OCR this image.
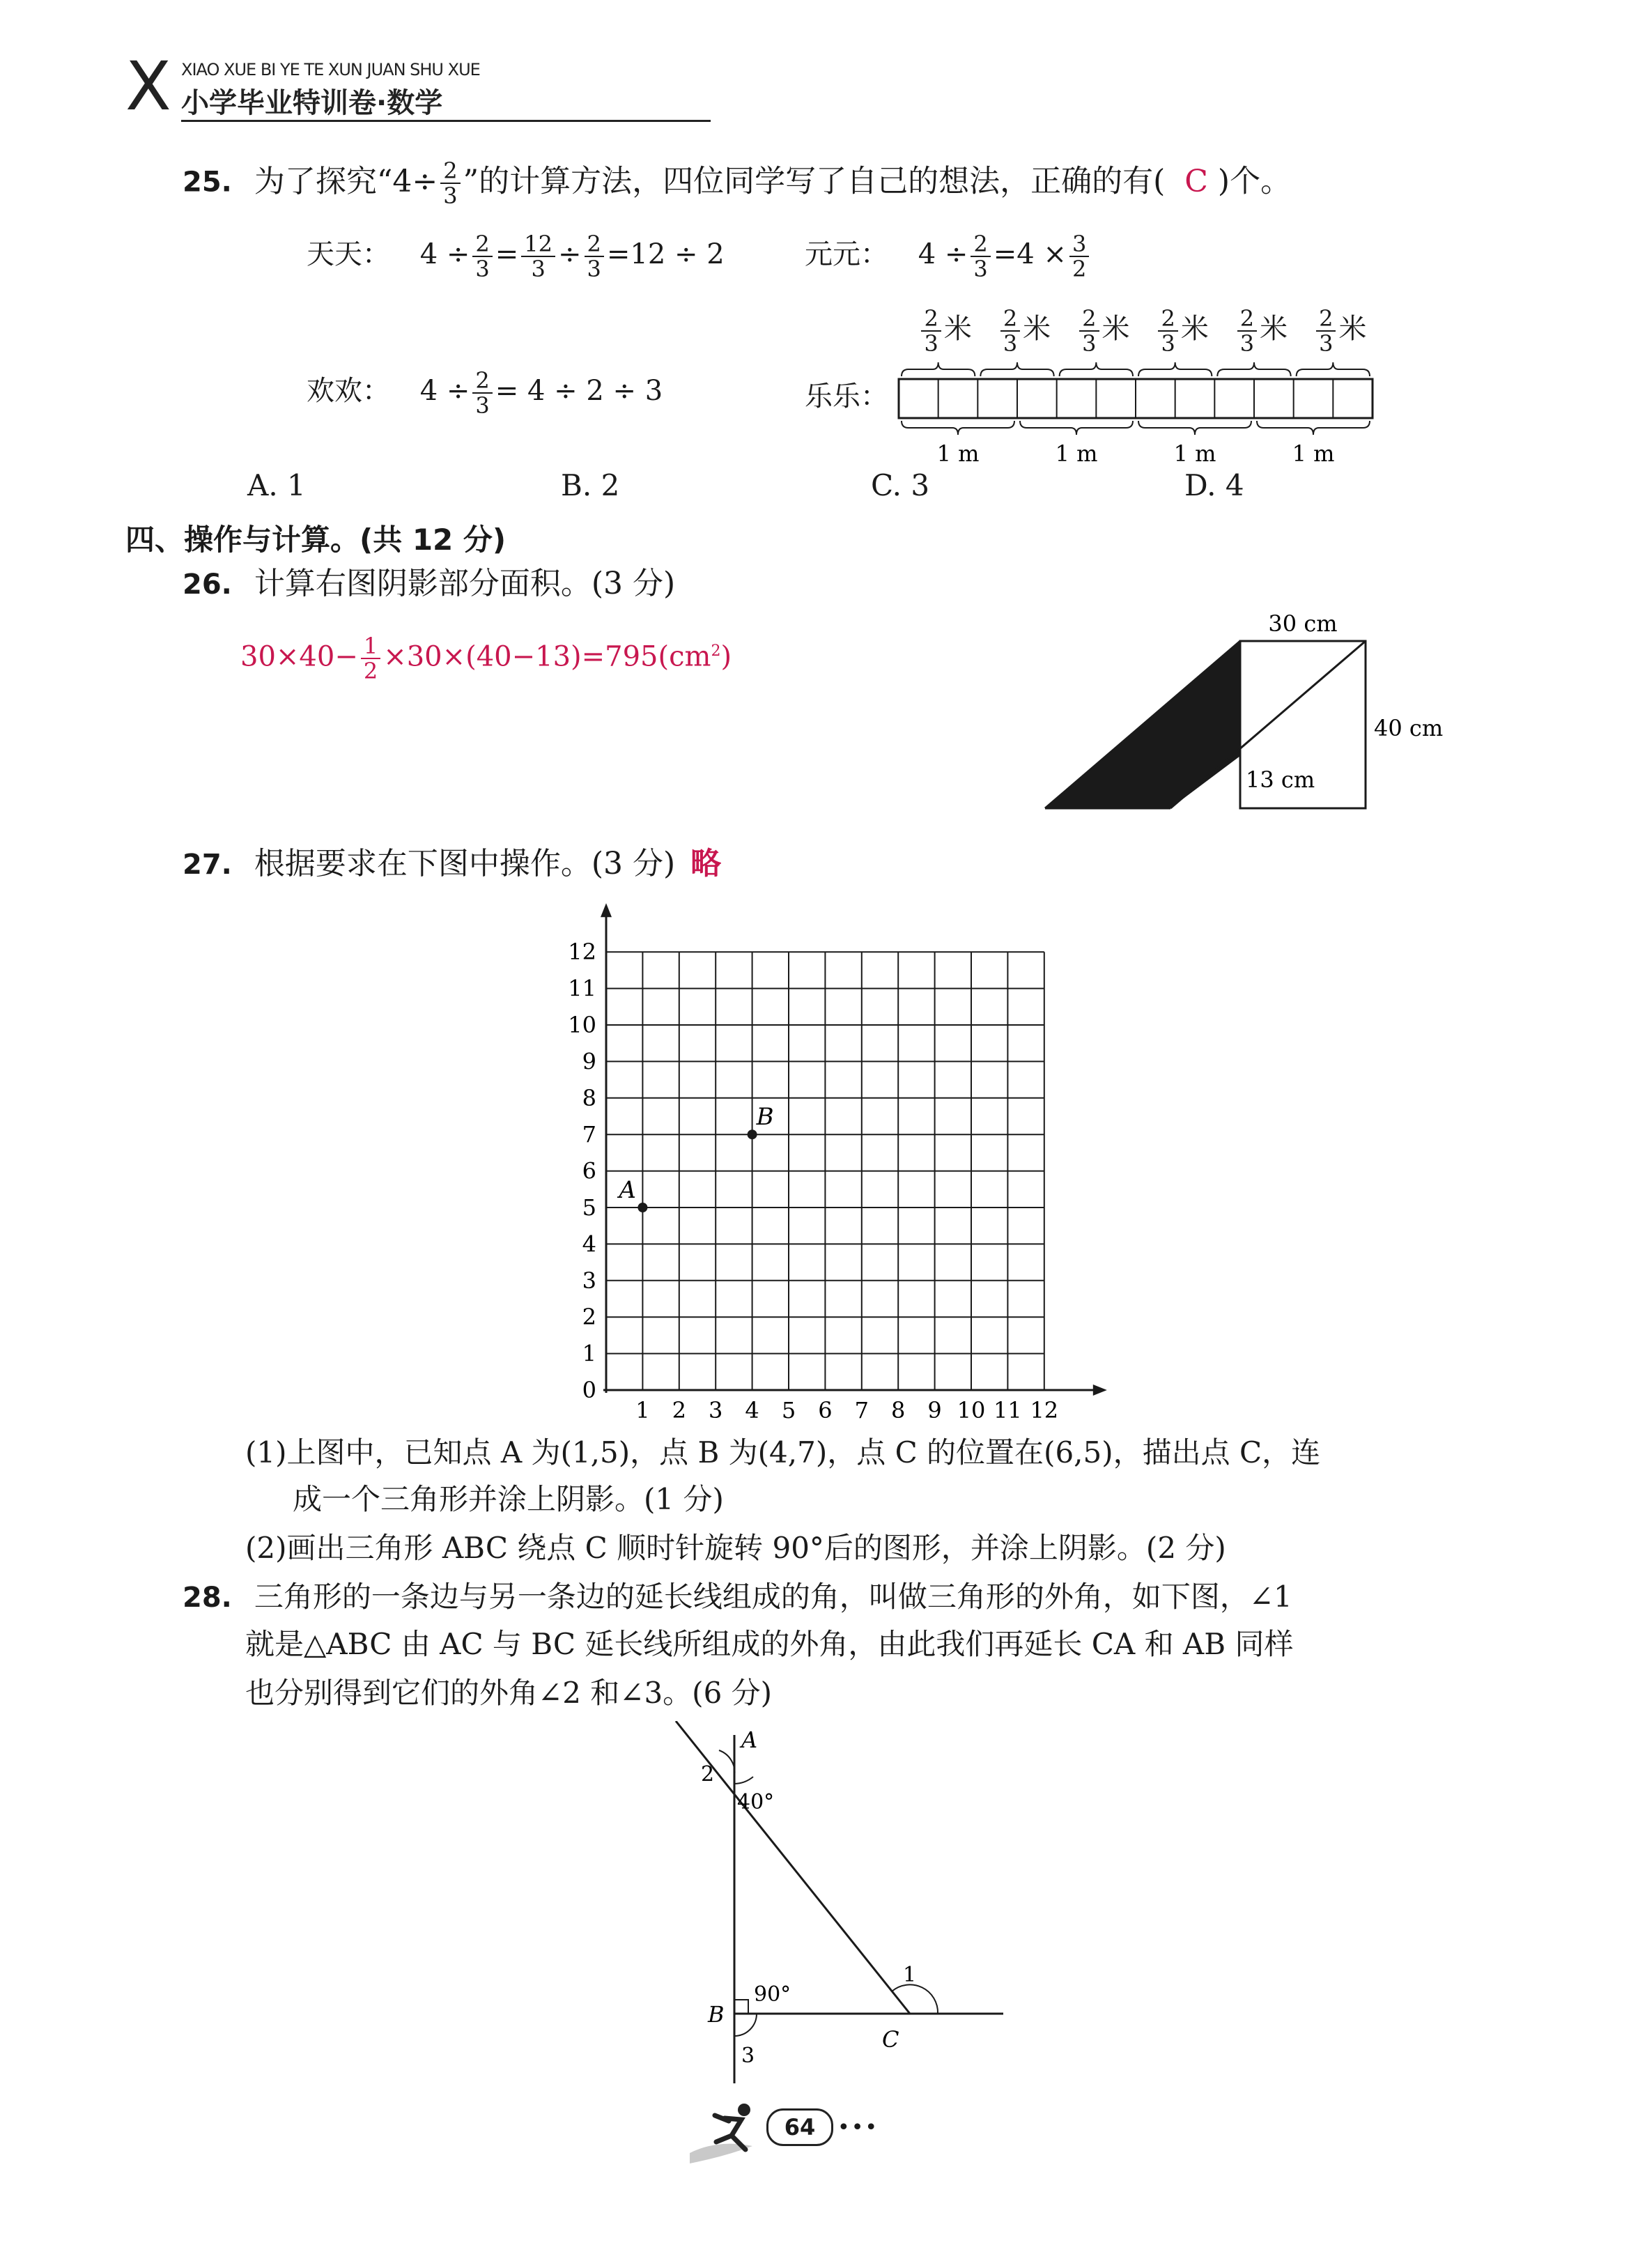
X XIAO XUE BI YE TE XUN JUAN SHU XUE
小学毕业特训卷·数学
25. 为了探究“$4\div \frac{2}{3}$ ”的计算方法，四位同学写了自己的想法，正确的有( C )个。
天天： $4 \div \frac{2}{3} = \frac{12}{3} \div \frac{2}{3} =12 \div 2$	元元： $4 \div \frac{2}{3} =4 \times \frac{3}{2}$
欢欢： $4 \div \frac{2}{3} = 4 \div 2 \div 3$	乐乐：
$\frac{2}{3}$ 米 $\frac{2}{3}$ 米 $\frac{2}{3}$ 米 $\frac{2}{3}$ 米 $\frac{2}{3}$ 米 $\frac{2}{3}$ 米
1 m	1 m	1 m	1 m
A. 1	B. 2	C. 3	D. 4
四、操作与计算。(共 12 分)
26. 计算右图阴影部分面积。(3 分)
$30\times 40- \frac{1}{2} \times 30\times(40-13)=795(cm^2)$
30 cm
40 cm
13 cm
27. 根据要求在下图中操作。(3 分) 略
1 2 3 4 5 6 7 8 9 10 11 12
12
11
10
9
8
7
6
5
4
3
2
1
0
A
B
(1)上图中，已知点 A 为(1,5)，点 B 为(4,7)，点 C 的位置在(6,5)，描出点 C，连
成一个三角形并涂上阴影。(1 分)
(2)画出三角形 ABC 绕点 C 顺时针旋转 90°后的图形，并涂上阴影。(2 分)
28. 三角形的一条边与另一条边的延长线组成的角，叫做三角形的外角，如下图，∠1
就是△ABC 由 AC 与 BC 延长线所组成的外角，由此我们再延长 CA 和 AB 同样
也分别得到它们的外角∠2 和∠3。(6 分)
A
B
C
40°
90°
1
2
3
64	•••
